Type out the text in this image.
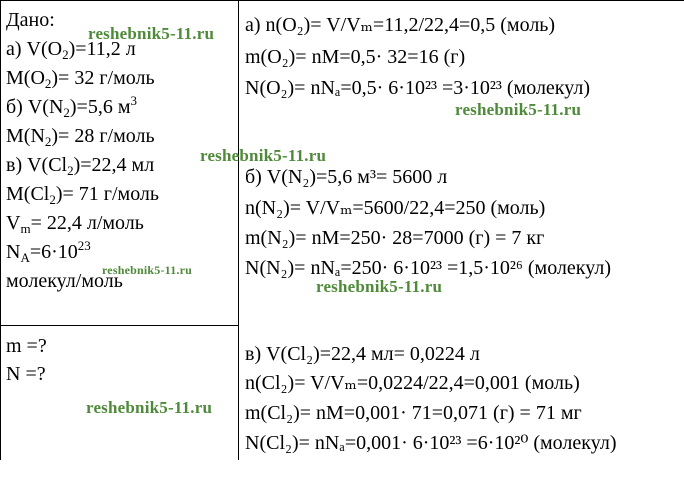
Дано:
а) $V(O_2)=11,2$ л
$M(O_2)= 32$ г/моль
б) $V(N_2)=5,6$ $м^3$
$M(N_2)= 28$ г/моль
в) $V(Cl_2)=22,4$ мл
$M(Cl_2)= 71$ г/моль
$V_m= 22,4$ л/моль
$N_A=6\cdot 10^{23}$
молекул/моль
m =?
N =?
а) n(O₂)= V/Vₘ=11,2/22,4=0,5 (моль)
m(O₂)= nM=0,5· 32=16 (г)
N(O₂)= nNₐ=0,5· 6·10²³ =3·10²³ (молекул)
б) V(N₂)=5,6 м³= 5600 л
n(N₂)= V/Vₘ=5600/22,4=250 (моль)
m(N₂)= nM=250· 28=7000 (г) = 7 кг
N(N₂)= nNₐ=250· 6·10²³ =1,5·10²⁶ (молекул)
в) V(Cl₂)=22,4 мл= 0,0224 л
n(Cl₂)= V/Vₘ=0,0224/22,4=0,001 (моль)
m(Cl₂)= nM=0,001· 71=0,071 (г) = 71 мг
N(Cl₂)= nNₐ=0,001· 6·10²³ =6·10²⁰ (молекул)
reshebnik5-11.ru
reshebnik5-11.ru
reshebnik5-11.ru
reshebnik5-11.ru
reshebnik5-11.ru
reshebnik5-11.ru
